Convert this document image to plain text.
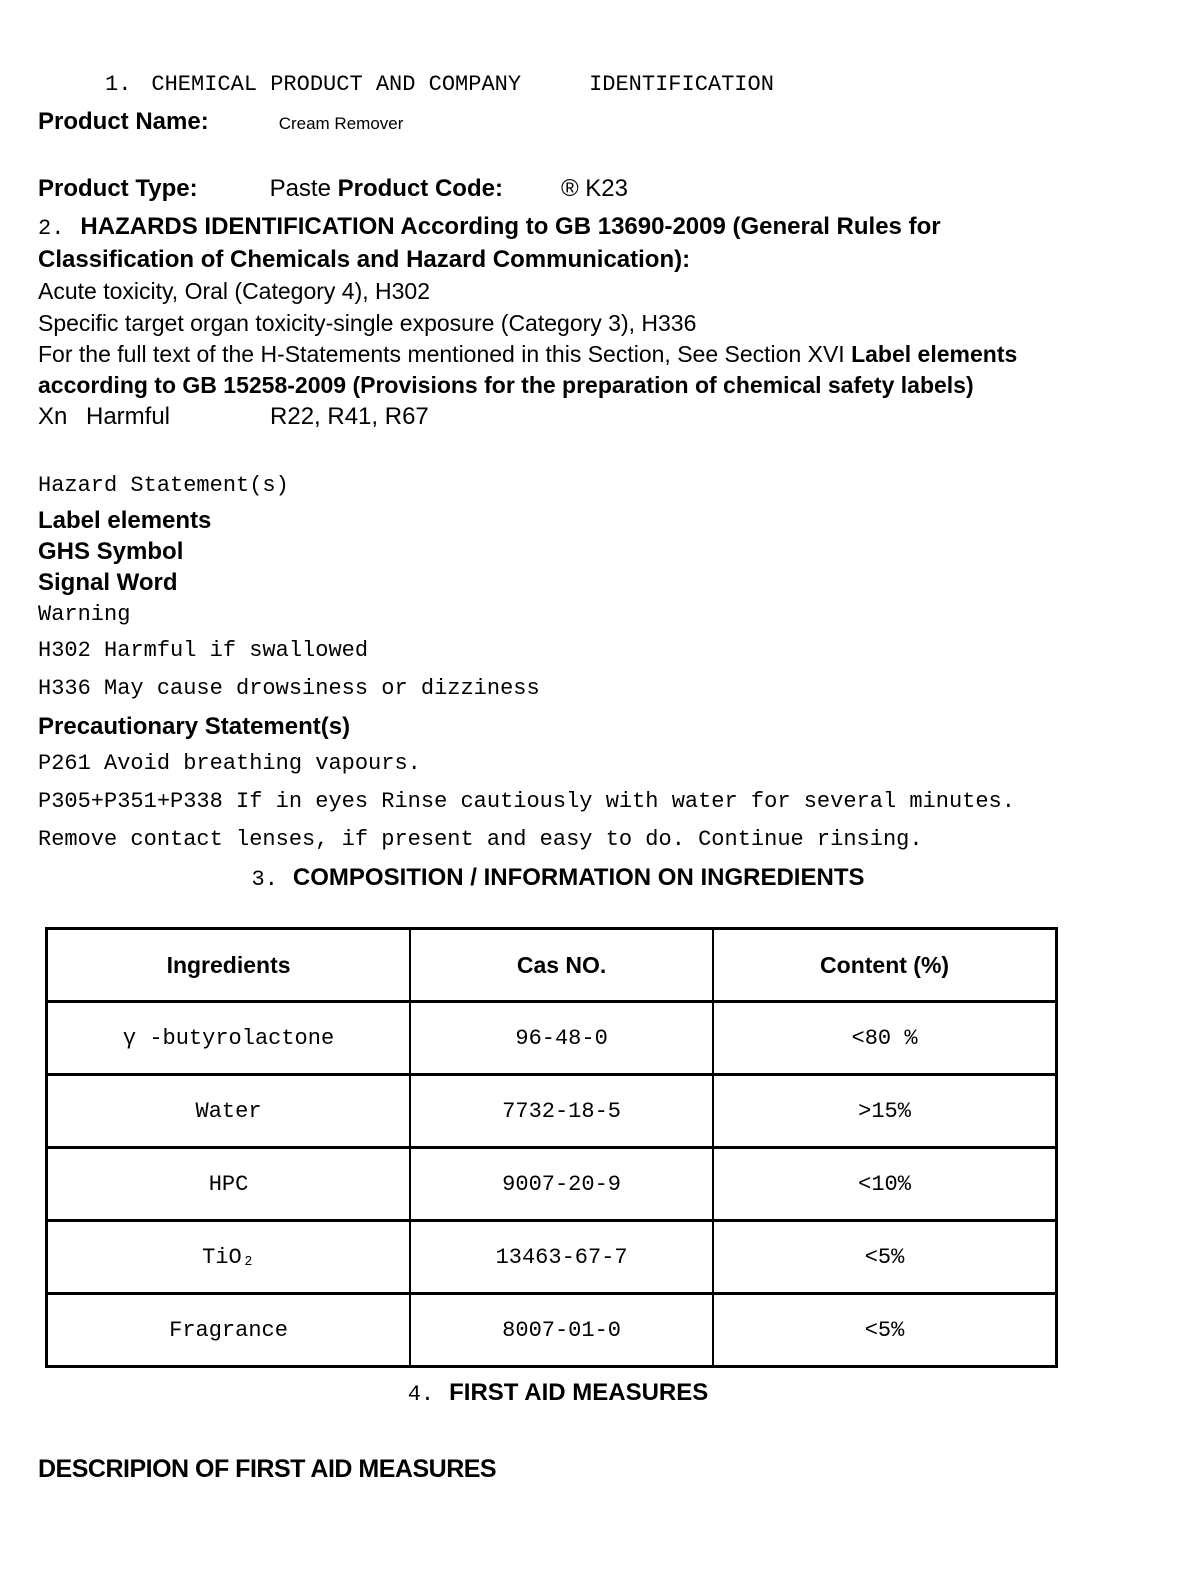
1. CHEMICAL PRODUCT AND COMPANY	IDENTIFICATION
Product Name:	Cream Remover
Product Type:	Paste Product Code: ® K23
2. HAZARDS IDENTIFICATION According to GB 13690-2009 (General Rules for Classification of Chemicals and Hazard Communication):
Acute toxicity, Oral (Category 4), H302
Specific target organ toxicity-single exposure (Category 3), H336
For the full text of the H-Statements mentioned in this Section, See Section XVI Label elements according to GB 15258-2009 (Provisions for the preparation of chemical safety labels)
Xn Harmful	R22, R41, R67
Hazard Statement(s)
Label elements
GHS Symbol
Signal Word
Warning
H302 Harmful if swallowed
H336 May cause drowsiness or dizziness
Precautionary Statement(s)
P261 Avoid breathing vapours.
P305+P351+P338 If in eyes Rinse cautiously with water for several minutes.
Remove contact lenses, if present and easy to do. Continue rinsing.
3. COMPOSITION / INFORMATION ON INGREDIENTS
Ingredients	Cas NO.	Content (%)
γ -butyrolactone	96-48-0	<80 %
Water	7732-18-5	>15%
HPC	9007-20-9	<10%
TiO₂	13463-67-7	<5%
Fragrance	8007-01-0	<5%
4. FIRST AID MEASURES
DESCRIPION OF FIRST AID MEASURES
